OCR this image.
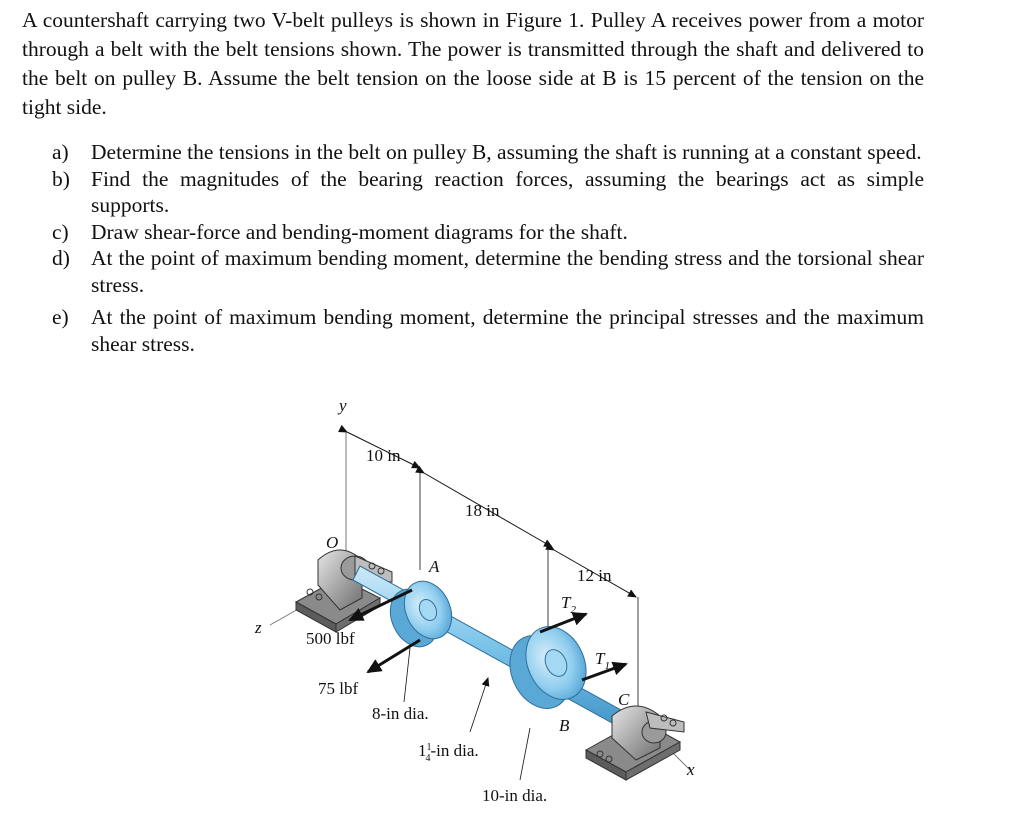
A countershaft carrying two V-belt pulleys is shown in Figure 1. Pulley A receives power from a motor through a belt with the belt tensions shown. The power is transmitted through the shaft and delivered to the belt on pulley B. Assume the belt tension on the loose side at B is 15 percent of the tension on the tight side.

a) Determine the tensions in the belt on pulley B, assuming the shaft is running at a constant speed.
b) Find the magnitudes of the bearing reaction forces, assuming the bearings act as simple supports.
c) Draw shear-force and bending-moment diagrams for the shaft.
d) At the point of maximum bending moment, determine the bending stress and the torsional shear stress.
e) At the point of maximum bending moment, determine the principal stresses and the maximum shear stress.
y
z
x
O
10 in
18 in
12 in
A
B
C
$T_2$
$T_1$
500 lbf
75 lbf
8-in dia.
$1^1$ 4-in dia.
10-in dia.
